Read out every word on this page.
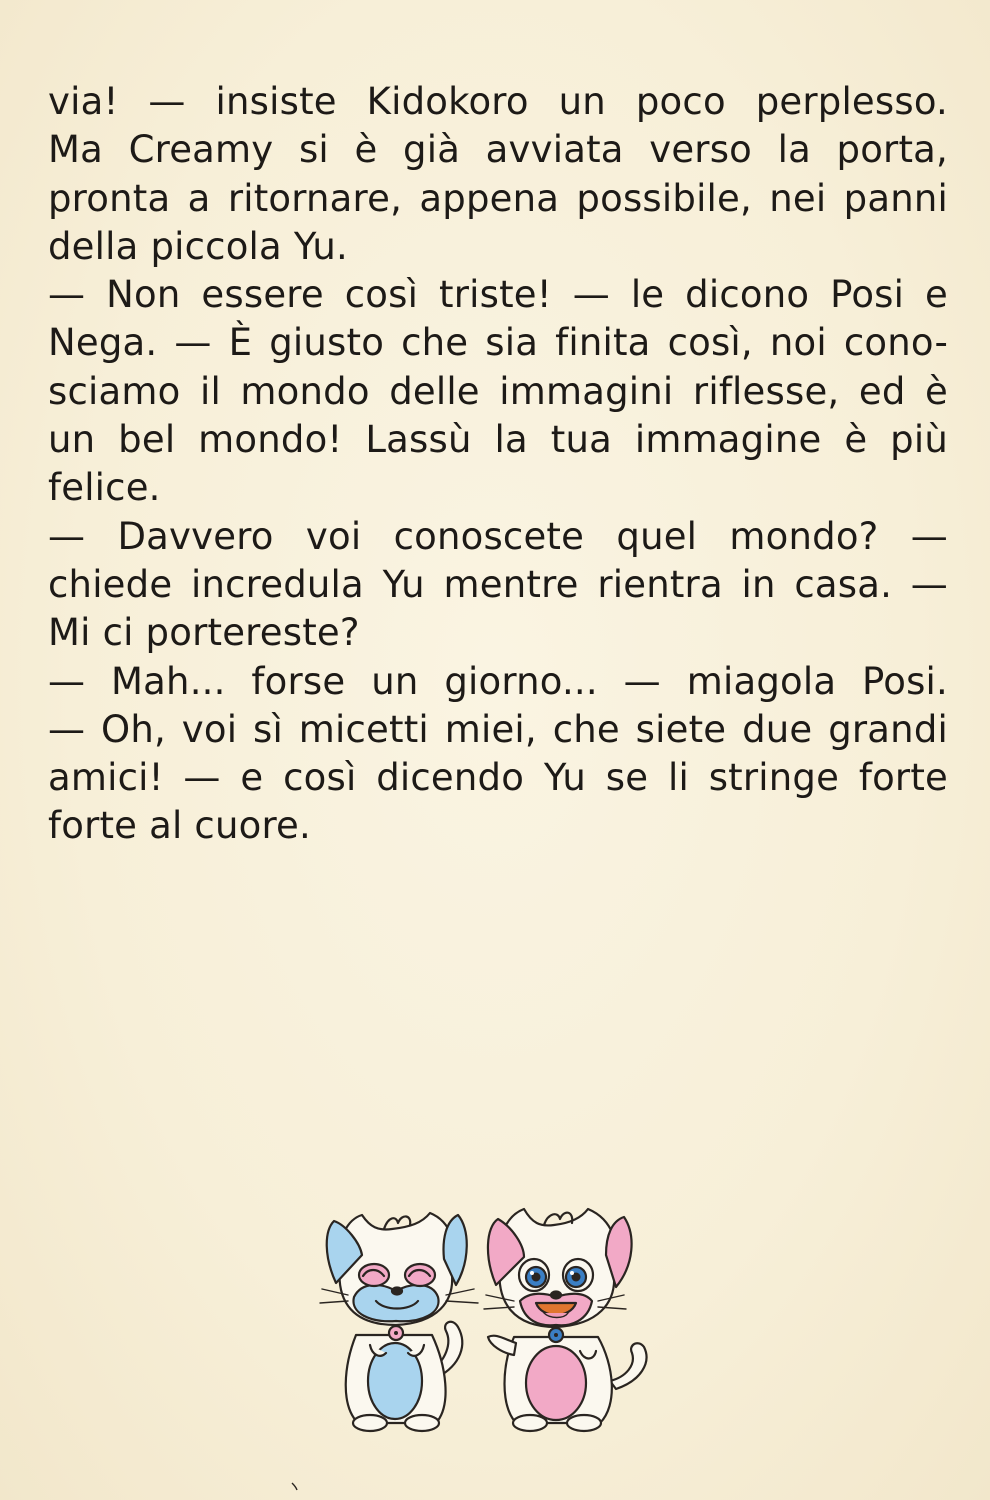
via! — insiste Kidokoro un poco perplesso.
Ma Creamy si è già avviata verso la porta,
pronta a ritornare, appena possibile, nei panni
della piccola Yu.
— Non essere così triste! — le dicono Posi e
Nega. — È giusto che sia finita così, noi cono-
sciamo il mondo delle immagini riflesse, ed è
un bel mondo! Lassù la tua immagine è più
felice.
— Davvero voi conoscete quel mondo? —
chiede incredula Yu mentre rientra in casa. —
Mi ci portereste?
— Mah... forse un giorno... — miagola Posi.
— Oh, voi sì micetti miei, che siete due grandi
amici! — e così dicendo Yu se li stringe forte
forte al cuore.
